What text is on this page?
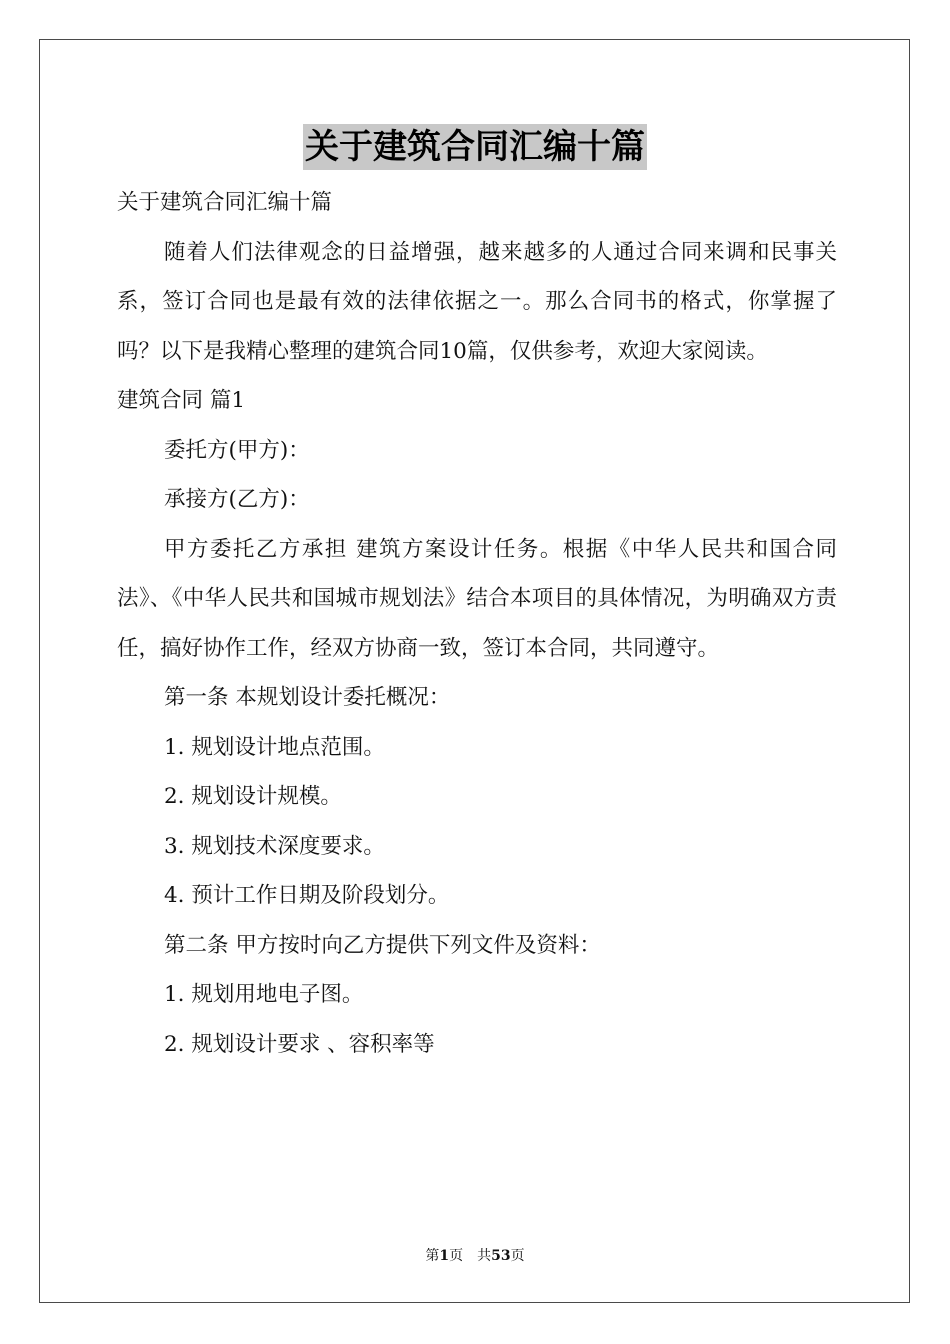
关于建筑合同汇编十篇

关于建筑合同汇编十篇

随着人们法律观念的日益增强，越来越多的人通过合同来调和民事关系，签订合同也是最有效的法律依据之一。那么合同书的格式，你掌握了吗？以下是我精心整理的建筑合同10篇，仅供参考，欢迎大家阅读。

建筑合同 篇1

委托方(甲方)：

承接方(乙方)：

甲方委托乙方承担 建筑方案设计任务。根据《中华人民共和国合同法》、《中华人民共和国城市规划法》结合本项目的具体情况，为明确双方责任，搞好协作工作，经双方协商一致，签订本合同，共同遵守。

第一条 本规划设计委托概况：

1. 规划设计地点范围。

2. 规划设计规模。

3. 规划技术深度要求。

4. 预计工作日期及阶段划分。

第二条 甲方按时向乙方提供下列文件及资料：

1. 规划用地电子图。

2. 规划设计要求 、容积率等

第1页　共53页
